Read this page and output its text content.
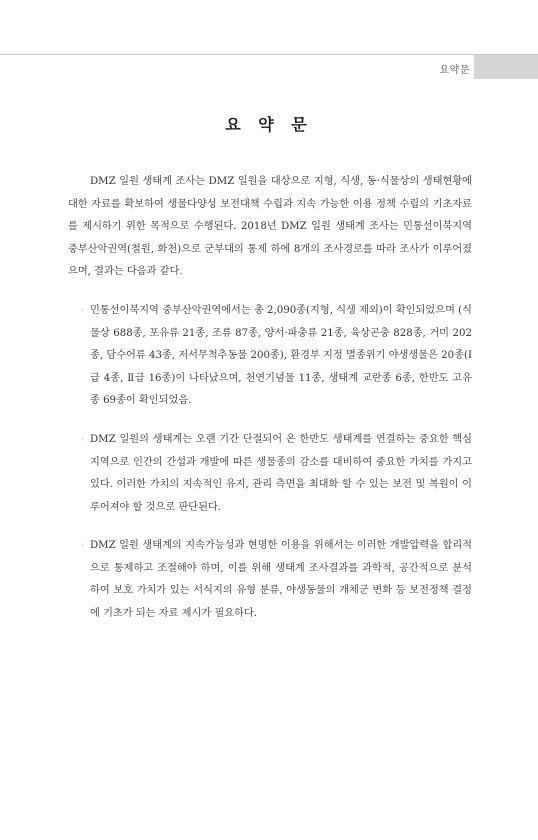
요약문
요 약 문

DMZ 일원 생태계 조사는 DMZ 일원을 대상으로 지형, 식생, 동·식물상의 생태현황에 대한 자료를 확보하여 생물다양성 보전대책 수립과 지속 가능한 이용 정책 수립의 기초자료를 제시하기 위한 목적으로 수행된다. 2018년 DMZ 일원 생태계 조사는 민통선이북지역 중부산악권역(철원, 화천)으로 군부대의 통제 하에 8개의 조사경로를 따라 조사가 이루어졌으며, 결과는 다음과 같다.

◦ 민통선이북지역 중부산악권역에서는 총 2,090종(지형, 식생 제외)이 확인되었으며 (식물상 688종, 포유류 21종, 조류 87종, 양서·파충류 21종, 육상곤충 828종, 거미 202종, 담수어류 43종, 저서무척추동물 200종), 환경부 지정 멸종위기 야생생물은 20종(Ⅰ급 4종, Ⅱ급 16종)이 나타났으며, 천연기념물 11종, 생태계 교란종 6종, 한반도 고유종 69종이 확인되었음.
◦ DMZ 일원의 생태계는 오랜 기간 단절되어 온 한반도 생태계를 연결하는 중요한 핵심지역으로 인간의 간섭과 개발에 따른 생물종의 감소를 대비하여 중요한 가치를 가지고 있다. 이러한 가치의 지속적인 유지, 관리 측면을 최대화 할 수 있는 보전 및 복원이 이루어져야 할 것으로 판단된다.
◦ DMZ 일원 생태계의 지속가능성과 현명한 이용을 위해서는 이러한 개발압력을 합리적으로 통제하고 조절해야 하며, 이를 위해 생태계 조사결과를 과학적, 공간적으로 분석하여 보호 가치가 있는 서식지의 유형 분류, 야생동물의 개체군 변화 등 보전정책 결정에 기초가 되는 자료 제시가 필요하다.
